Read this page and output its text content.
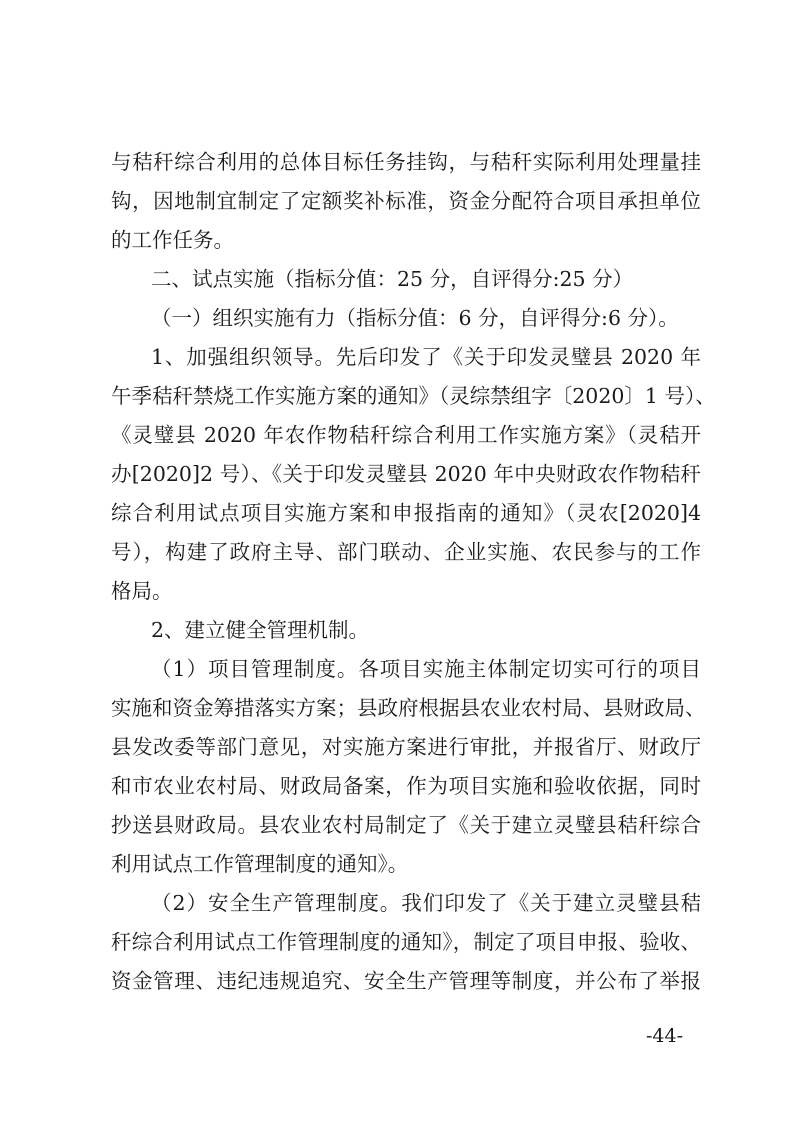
与秸秆综合利用的总体目标任务挂钩，与秸秆实际利用处理量挂
钩，因地制宜制定了定额奖补标准，资金分配符合项目承担单位
的工作任务。
二、试点实施（指标分值：25 分，自评得分:25 分）
（一）组织实施有力（指标分值：6 分，自评得分:6 分）。
1、加强组织领导。先后印发了《关于印发灵璧县 2020 年
午季秸秆禁烧工作实施方案的通知》（灵综禁组字〔2020〕1 号）、
《灵璧县 2020 年农作物秸秆综合利用工作实施方案》（灵秸开
办[2020]2 号）、《关于印发灵璧县 2020 年中央财政农作物秸秆
综合利用试点项目实施方案和申报指南的通知》（灵农[2020]4
号），构建了政府主导、部门联动、企业实施、农民参与的工作
格局。
2、建立健全管理机制。
（1）项目管理制度。各项目实施主体制定切实可行的项目
实施和资金筹措落实方案；县政府根据县农业农村局、县财政局、
县发改委等部门意见，对实施方案进行审批，并报省厅、财政厅
和市农业农村局、财政局备案，作为项目实施和验收依据，同时
抄送县财政局。县农业农村局制定了《关于建立灵璧县秸秆综合
利用试点工作管理制度的通知》。
（2）安全生产管理制度。我们印发了《关于建立灵璧县秸
秆综合利用试点工作管理制度的通知》，制定了项目申报、验收、
资金管理、违纪违规追究、安全生产管理等制度，并公布了举报
-44-
